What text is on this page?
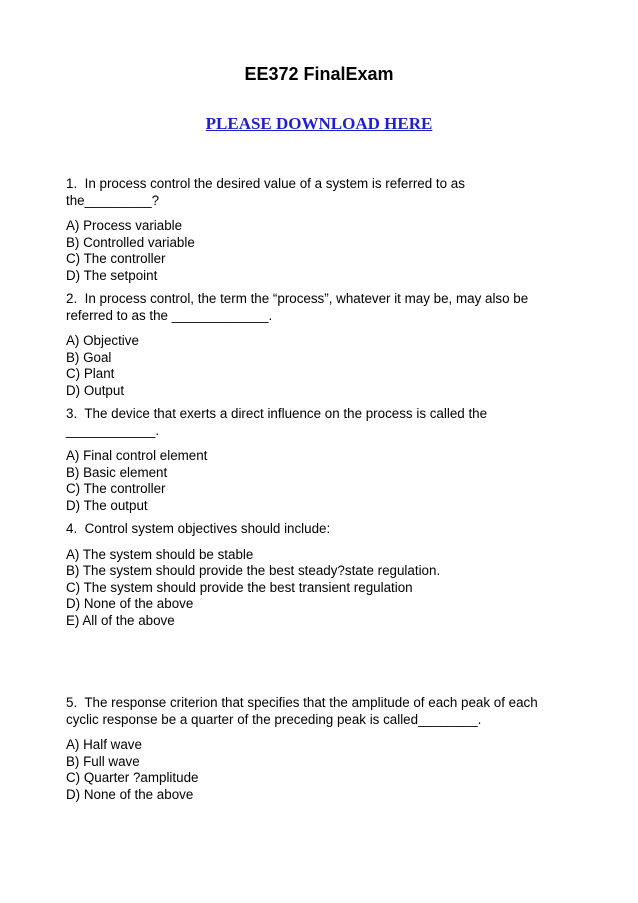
EE372 FinalExam
PLEASE DOWNLOAD HERE
1.  In process control the desired value of a system is referred to as
the_________?
A) Process variable
B) Controlled variable
C) The controller
D) The setpoint
2.  In process control, the term the “process”, whatever it may be, may also be
referred to as the _____________.
A) Objective
B) Goal
C) Plant
D) Output
3.  The device that exerts a direct influence on the process is called the
____________.
A) Final control element
B) Basic element
C) The controller
D) The output
4.  Control system objectives should include:
A) The system should be stable
B) The system should provide the best steady?state regulation.
C) The system should provide the best transient regulation
D) None of the above
E) All of the above
5.  The response criterion that specifies that the amplitude of each peak of each
cyclic response be a quarter of the preceding peak is called________.
A) Half wave
B) Full wave
C) Quarter ?amplitude
D) None of the above
